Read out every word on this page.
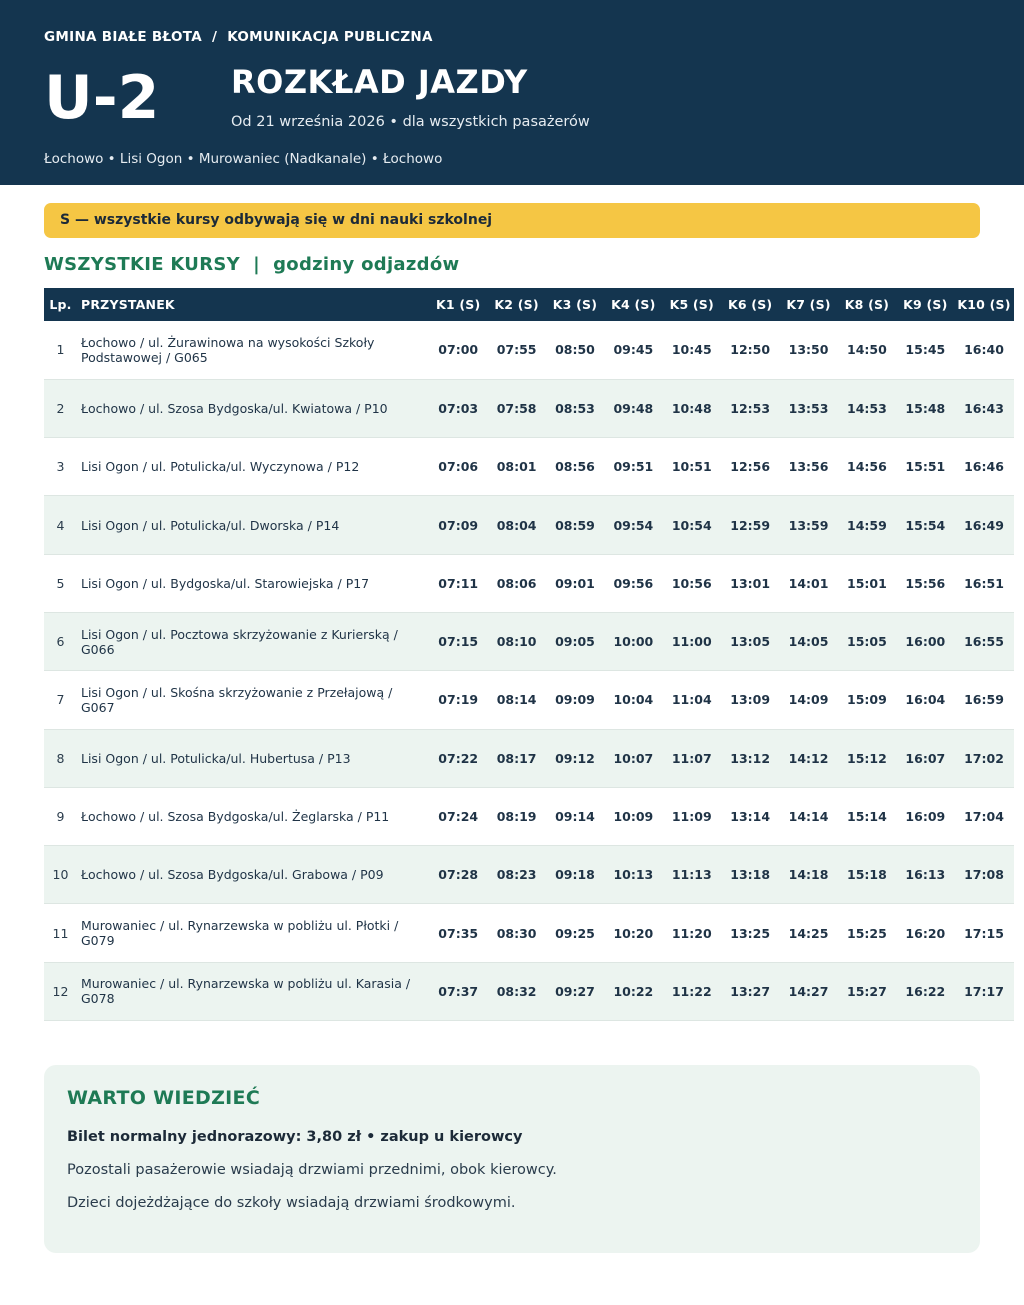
GMINA BIAŁE BŁOTA  /  KOMUNIKACJA PUBLICZNA
U-2 ROZKŁAD JAZDY
Od 21 września 2026 • dla wszystkich pasażerów
Łochowo • Lisi Ogon • Murowaniec (Nadkanale) • Łochowo
S — wszystkie kursy odbywają się w dni nauki szkolnej
WSZYSTKIE KURSY  |  godziny odjazdów
Lp.	PRZYSTANEK	K1 (S)	K2 (S)	K3 (S)	K4 (S)	K5 (S)	K6 (S)	K7 (S)	K8 (S)	K9 (S)	K10 (S)
1	Łochowo / ul. Żurawinowa na wysokości Szkoły Podstawowej / G065	07:00	07:55	08:50	09:45	10:45	12:50	13:50	14:50	15:45	16:40
2	Łochowo / ul. Szosa Bydgoska/ul. Kwiatowa / P10	07:03	07:58	08:53	09:48	10:48	12:53	13:53	14:53	15:48	16:43
3	Lisi Ogon / ul. Potulicka/ul. Wyczynowa / P12	07:06	08:01	08:56	09:51	10:51	12:56	13:56	14:56	15:51	16:46
4	Lisi Ogon / ul. Potulicka/ul. Dworska / P14	07:09	08:04	08:59	09:54	10:54	12:59	13:59	14:59	15:54	16:49
5	Lisi Ogon / ul. Bydgoska/ul. Starowiejska / P17	07:11	08:06	09:01	09:56	10:56	13:01	14:01	15:01	15:56	16:51
6	Lisi Ogon / ul. Pocztowa skrzyżowanie z Kurierską / G066	07:15	08:10	09:05	10:00	11:00	13:05	14:05	15:05	16:00	16:55
7	Lisi Ogon / ul. Skośna skrzyżowanie z Przełajową / G067	07:19	08:14	09:09	10:04	11:04	13:09	14:09	15:09	16:04	16:59
8	Lisi Ogon / ul. Potulicka/ul. Hubertusa / P13	07:22	08:17	09:12	10:07	11:07	13:12	14:12	15:12	16:07	17:02
9	Łochowo / ul. Szosa Bydgoska/ul. Żeglarska / P11	07:24	08:19	09:14	10:09	11:09	13:14	14:14	15:14	16:09	17:04
10	Łochowo / ul. Szosa Bydgoska/ul. Grabowa / P09	07:28	08:23	09:18	10:13	11:13	13:18	14:18	15:18	16:13	17:08
11	Murowaniec / ul. Rynarzewska w pobliżu ul. Płotki / G079	07:35	08:30	09:25	10:20	11:20	13:25	14:25	15:25	16:20	17:15
12	Murowaniec / ul. Rynarzewska w pobliżu ul. Karasia / G078	07:37	08:32	09:27	10:22	11:22	13:27	14:27	15:27	16:22	17:17
WARTO WIEDZIEĆ
Bilet normalny jednorazowy: 3,80 zł • zakup u kierowcy
Pozostali pasażerowie wsiadają drzwiami przednimi, obok kierowcy.
Dzieci dojeżdżające do szkoły wsiadają drzwiami środkowymi.
